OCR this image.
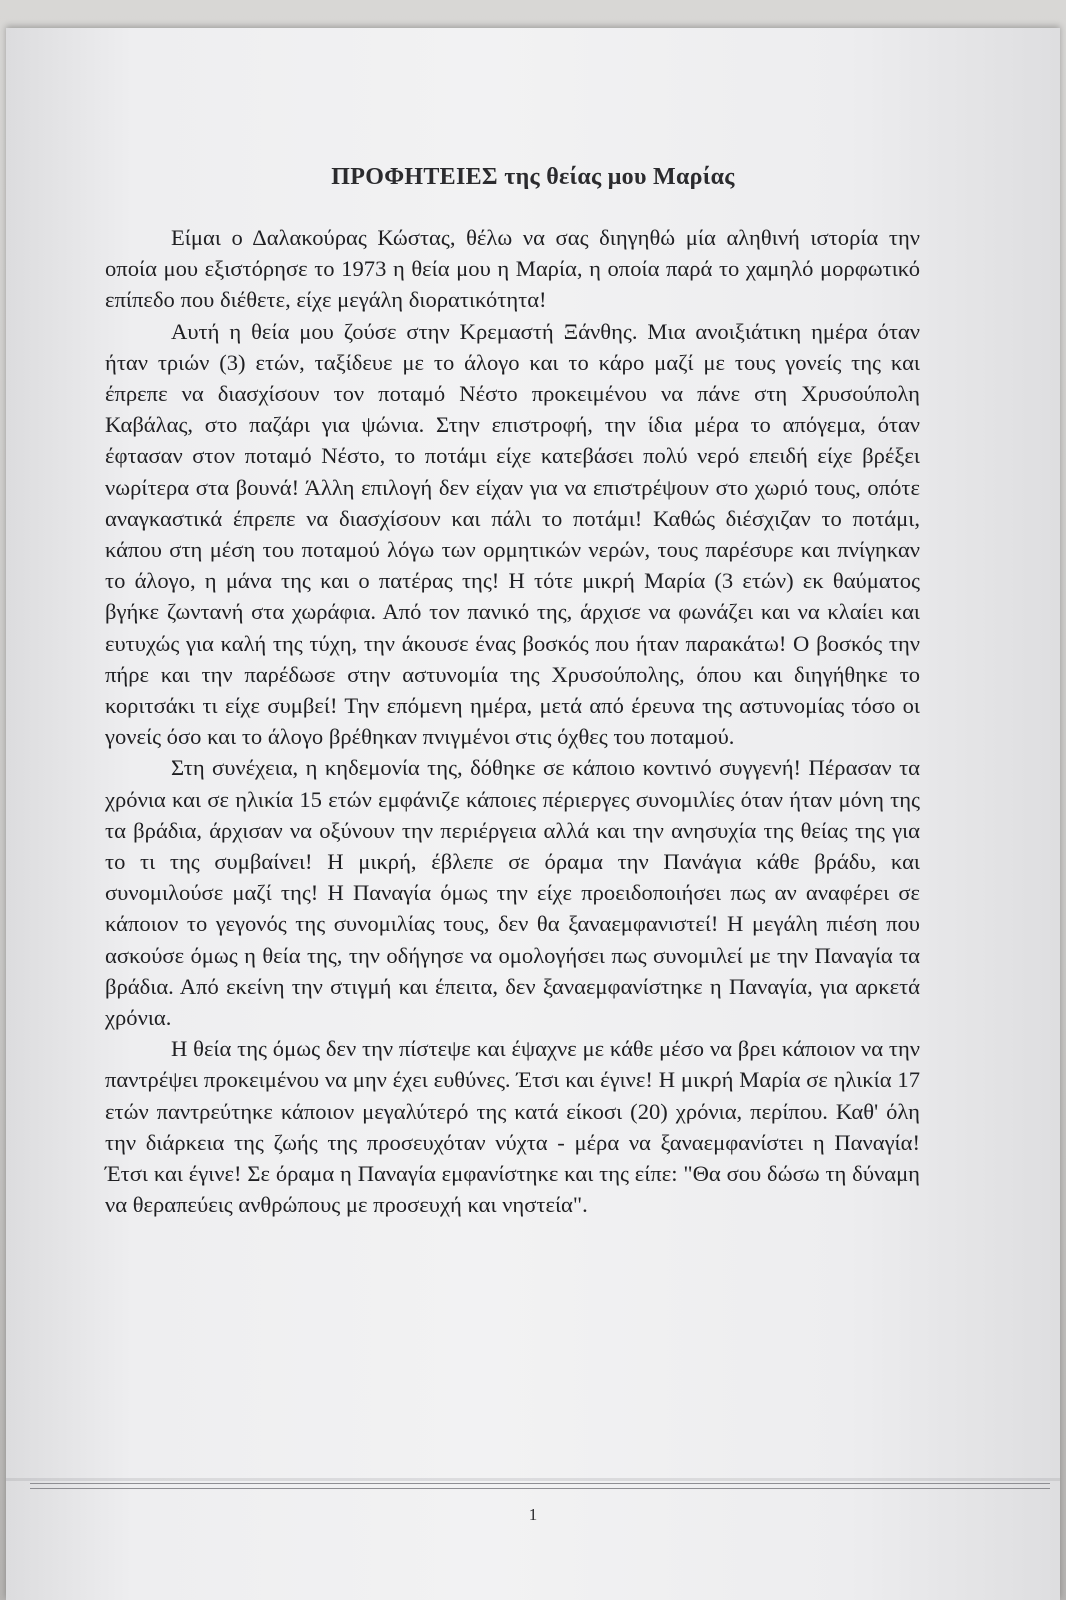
ΠΡΟΦΗΤΕΙΕΣ της θείας μου Μαρίας

Είμαι ο Δαλακούρας Κώστας, θέλω να σας διηγηθώ μία αληθινή ιστορία την οποία μου εξιστόρησε το 1973 η θεία μου η Μαρία, η οποία παρά το χαμηλό μορφωτικό επίπεδο που διέθετε, είχε μεγάλη διορατικότητα!

Αυτή η θεία μου ζούσε στην Κρεμαστή Ξάνθης. Μια ανοιξιάτικη ημέρα όταν ήταν τριών (3) ετών, ταξίδευε με το άλογο και το κάρο μαζί με τους γονείς της και έπρεπε να διασχίσουν τον ποταμό Νέστο προκειμένου να πάνε στη Χρυσούπολη Καβάλας, στο παζάρι για ψώνια. Στην επιστροφή, την ίδια μέρα το απόγεμα, όταν έφτασαν στον ποταμό Νέστο, το ποτάμι είχε κατεβάσει πολύ νερό επειδή είχε βρέξει νωρίτερα στα βουνά! Άλλη επιλογή δεν είχαν για να επιστρέψουν στο χωριό τους, οπότε αναγκαστικά έπρεπε να διασχίσουν και πάλι το ποτάμι! Καθώς διέσχιζαν το ποτάμι, κάπου στη μέση του ποταμού λόγω των ορμητικών νερών, τους παρέσυρε και πνίγηκαν το άλογο, η μάνα της και ο πατέρας της! Η τότε μικρή Μαρία (3 ετών) εκ θαύματος βγήκε ζωντανή στα χωράφια. Από τον πανικό της, άρχισε να φωνάζει και να κλαίει και ευτυχώς για καλή της τύχη, την άκουσε ένας βοσκός που ήταν παρακάτω! Ο βοσκός την πήρε και την παρέδωσε στην αστυνομία της Χρυσούπολης, όπου και διηγήθηκε το κοριτσάκι τι είχε συμβεί! Την επόμενη ημέρα, μετά από έρευνα της αστυνομίας τόσο οι γονείς όσο και το άλογο βρέθηκαν πνιγμένοι στις όχθες του ποταμού.

Στη συνέχεια, η κηδεμονία της, δόθηκε σε κάποιο κοντινό συγγενή! Πέρασαν τα χρόνια και σε ηλικία 15 ετών εμφάνιζε κάποιες πέριεργες συνομιλίες όταν ήταν μόνη της τα βράδια, άρχισαν να οξύνουν την περιέργεια αλλά και την ανησυχία της θείας της για το τι της συμβαίνει! Η μικρή, έβλεπε σε όραμα την Πανάγια κάθε βράδυ, και συνομιλούσε μαζί της! Η Παναγία όμως την είχε προειδοποιήσει πως αν αναφέρει σε κάποιον το γεγονός της συνομιλίας τους, δεν θα ξαναεμφανιστεί! Η μεγάλη πιέση που ασκούσε όμως η θεία της, την οδήγησε να ομολογήσει πως συνομιλεί με την Παναγία τα βράδια. Από εκείνη την στιγμή και έπειτα, δεν ξαναεμφανίστηκε η Παναγία, για αρκετά χρόνια.

Η θεία της όμως δεν την πίστεψε και έψαχνε με κάθε μέσο να βρει κάποιον να την παντρέψει προκειμένου να μην έχει ευθύνες. Έτσι και έγινε! Η μικρή Μαρία σε ηλικία 17 ετών παντρεύτηκε κάποιον μεγαλύτερό της κατά είκοσι (20) χρόνια, περίπου. Καθ' όλη την διάρκεια της ζωής της προσευχόταν νύχτα - μέρα να ξαναεμφανίστει η Παναγία! Έτσι και έγινε! Σε όραμα η Παναγία εμφανίστηκε και της είπε: "Θα σου δώσω τη δύναμη να θεραπεύεις ανθρώπους με προσευχή και νηστεία".

1
